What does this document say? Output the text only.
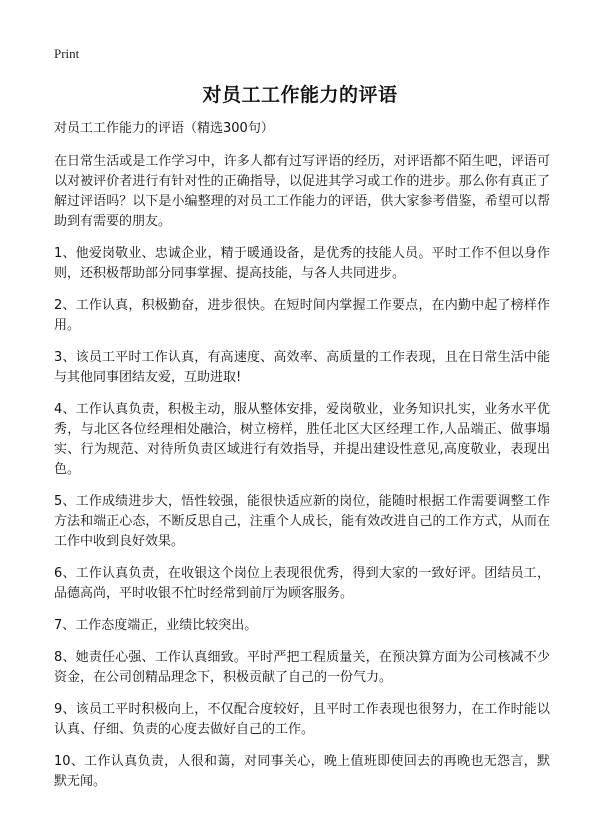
Print
对员工工作能力的评语

对员工工作能力的评语（精选300句）

在日常生活或是工作学习中，许多人都有过写评语的经历，对评语都不陌生吧，评语可以对被评价者进行有针对性的正确指导，以促进其学习或工作的进步。那么你有真正了解过评语吗？以下是小编整理的对员工工作能力的评语，供大家参考借鉴，希望可以帮助到有需要的朋友。

1、他爱岗敬业、忠诚企业，精于暖通设备，是优秀的技能人员。平时工作不但以身作则，还积极帮助部分同事掌握、提高技能，与各人共同进步。

2、工作认真，积极勤奋，进步很快。在短时间内掌握工作要点，在内勤中起了榜样作用。

3、该员工平时工作认真，有高速度、高效率、高质量的工作表现，且在日常生活中能与其他同事团结友爱，互助进取!

4、工作认真负责，积极主动，服从整体安排，爱岗敬业，业务知识扎实，业务水平优秀，与北区各位经理相处融洽，树立榜样，胜任北区大区经理工作,人品端正、做事塌实、行为规范、对待所负责区域进行有效指导，并提出建设性意见,高度敬业，表现出色。

5、工作成绩进步大，悟性较强，能很快适应新的岗位，能随时根据工作需要调整工作方法和端正心态，不断反思自己，注重个人成长，能有效改进自己的工作方式，从而在工作中收到良好效果。

6、工作认真负责，在收银这个岗位上表现很优秀，得到大家的一致好评。团结员工，品德高尚，平时收银不忙时经常到前厅为顾客服务。

7、工作态度端正，业绩比较突出。

8、她责任心强、工作认真细致。平时严把工程质量关，在预决算方面为公司核减不少资金，在公司创精品理念下，积极贡献了自己的一份气力。

9、该员工平时积极向上，不仅配合度较好，且平时工作表现也很努力，在工作时能以认真、仔细、负责的心度去做好自己的工作。

10、工作认真负责，人很和蔼，对同事关心，晚上值班即使回去的再晚也无怨言，默默无闻。
